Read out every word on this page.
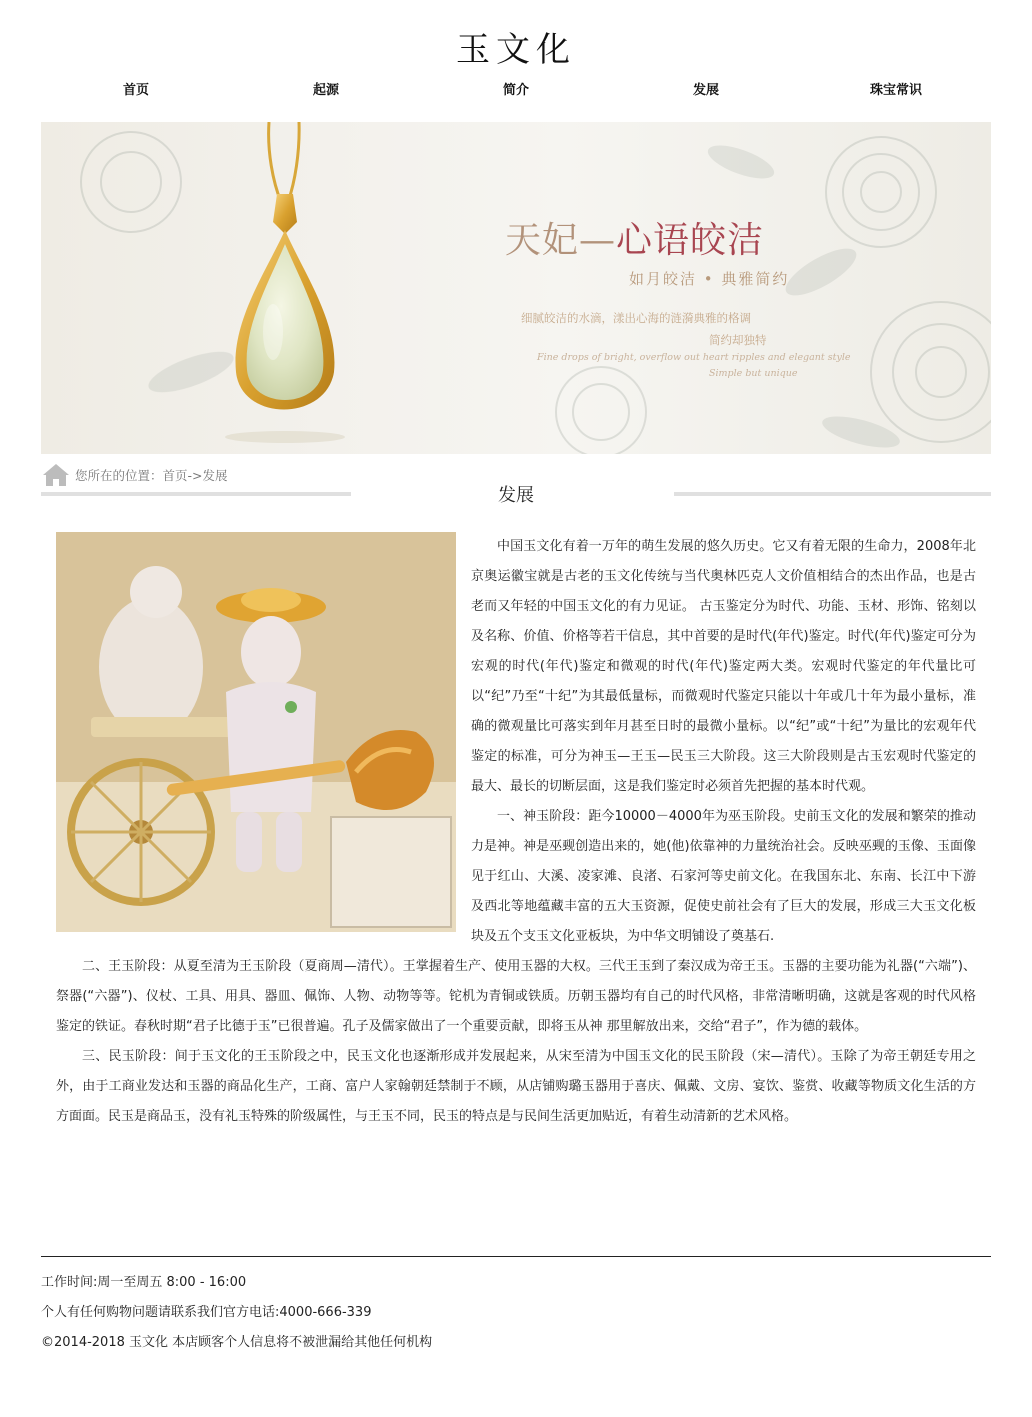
玉文化
首页	起源	简介	发展	珠宝常识
天妃—心语皎洁
如月皎洁 • 典雅简约
细腻皎洁的水滴，漾出心海的涟漪典雅的格调
简约却独特
Fine drops of bright, overflow out heart ripples and elegant style
Simple but unique
您所在的位置： 首页 -> 发展
发展

中国玉文化有着一万年的萌生发展的悠久历史。它又有着无限的生命力，2008年北京奥运徽宝就是古老的玉文化传统与当代奥林匹克人文价值相结合的杰出作品，也是古老而又年轻的中国玉文化的有力见证。 古玉鉴定分为时代、功能、玉材、形饰、铭刻以及名称、价值、价格等若干信息，其中首要的是时代(年代)鉴定。时代(年代)鉴定可分为宏观的时代(年代)鉴定和微观的时代(年代)鉴定两大类。宏观时代鉴定的年代量比可以“纪”乃至“十纪”为其最低量标，而微观时代鉴定只能以十年或几十年为最小量标，准确的微观量比可落实到年月甚至日时的最微小量标。以“纪”或“十纪”为量比的宏观年代鉴定的标准，可分为神玉—王玉—民玉三大阶段。这三大阶段则是古玉宏观时代鉴定的最大、最长的切断层面，这是我们鉴定时必须首先把握的基本时代观。

一、神玉阶段：距今10000－4000年为巫玉阶段。史前玉文化的发展和繁荣的推动力是神。神是巫觋创造出来的，她(他)依靠神的力量统治社会。反映巫觋的玉像、玉面像见于红山、大溪、凌家滩、良渚、石家河等史前文化。在我国东北、东南、长江中下游及西北等地蕴藏丰富的五大玉资源，促使史前社会有了巨大的发展，形成三大玉文化板块及五个支玉文化亚板块，为中华文明铺设了奠基石.

二、王玉阶段：从夏至清为王玉阶段（夏商周—清代）。王掌握着生产、使用玉器的大权。三代王玉到了秦汉成为帝王玉。玉器的主要功能为礼器(“六端”)、祭器(“六器”)、仪杖、工具、用具、器皿、佩饰、人物、动物等等。铊机为青铜或铁质。历朝玉器均有自己的时代风格，非常清晰明确，这就是客观的时代风格鉴定的铁证。春秋时期“君子比德于玉”已很普遍。孔子及儒家做出了一个重要贡献，即将玉从神 那里解放出来，交给“君子”，作为德的载体。

三、民玉阶段：间于玉文化的王玉阶段之中，民玉文化也逐渐形成并发展起来，从宋至清为中国玉文化的民玉阶段（宋—清代）。玉除了为帝王朝廷专用之外，由于工商业发达和玉器的商品化生产，工商、富户人家翰朝廷禁制于不顾，从店铺购璐玉器用于喜庆、佩戴、文房、宴饮、鉴赏、收藏等物质文化生活的方方面面。民玉是商品玉，没有礼玉特殊的阶级属性，与王玉不同，民玉的特点是与民间生活更加贴近，有着生动清新的艺术风格。

工作时间:周一至周五 8:00 - 16:00
个人有任何购物问题请联系我们官方电话:4000-666-339
©2014-2018 玉文化 本店顾客个人信息将不被泄漏给其他任何机构
